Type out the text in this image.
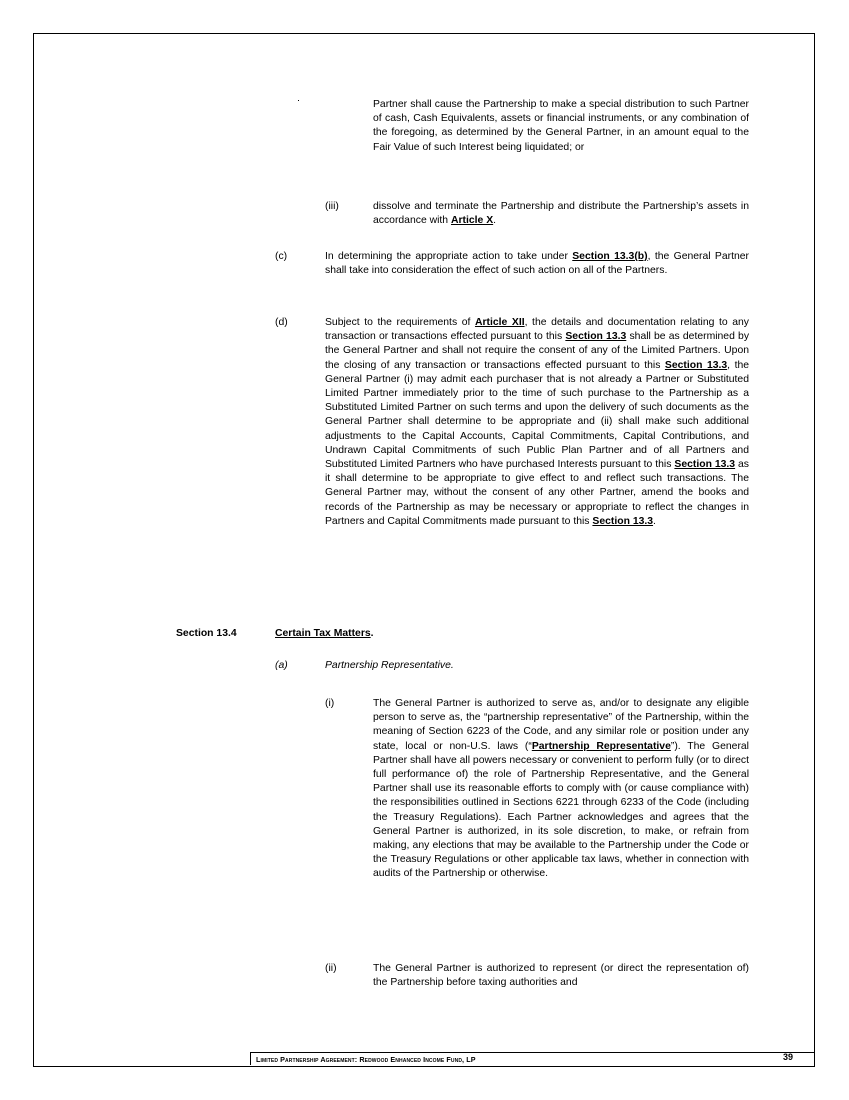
Partner shall cause the Partnership to make a special distribution to such Partner of cash, Cash Equivalents, assets or financial instruments, or any combination of the foregoing, as determined by the General Partner, in an amount equal to the Fair Value of such Interest being liquidated; or
(iii)	dissolve and terminate the Partnership and distribute the Partnership’s assets in accordance with Article X.
(c)	In determining the appropriate action to take under Section 13.3(b), the General Partner shall take into consideration the effect of such action on all of the Partners.
(d)	Subject to the requirements of Article XII, the details and documentation relating to any transaction or transactions effected pursuant to this Section 13.3 shall be as determined by the General Partner and shall not require the consent of any of the Limited Partners. Upon the closing of any transaction or transactions effected pursuant to this Section 13.3, the General Partner (i) may admit each purchaser that is not already a Partner or Substituted Limited Partner immediately prior to the time of such purchase to the Partnership as a Substituted Limited Partner on such terms and upon the delivery of such documents as the General Partner shall determine to be appropriate and (ii) shall make such additional adjustments to the Capital Accounts, Capital Commitments, Capital Contributions, and Undrawn Capital Commitments of such Public Plan Partner and of all Partners and Substituted Limited Partners who have purchased Interests pursuant to this Section 13.3 as it shall determine to be appropriate to give effect to and reflect such transactions. The General Partner may, without the consent of any other Partner, amend the books and records of the Partnership as may be necessary or appropriate to reflect the changes in Partners and Capital Commitments made pursuant to this Section 13.3.
Section 13.4	Certain Tax Matters.
(a)	Partnership Representative.
(i)	The General Partner is authorized to serve as, and/or to designate any eligible person to serve as, the “partnership representative” of the Partnership, within the meaning of Section 6223 of the Code, and any similar role or position under any state, local or non-U.S. laws (“Partnership Representative”). The General Partner shall have all powers necessary or convenient to perform fully (or to direct full performance of) the role of Partnership Representative, and the General Partner shall use its reasonable efforts to comply with (or cause compliance with) the responsibilities outlined in Sections 6221 through 6233 of the Code (including the Treasury Regulations). Each Partner acknowledges and agrees that the General Partner is authorized, in its sole discretion, to make, or refrain from making, any elections that may be available to the Partnership under the Code or the Treasury Regulations or other applicable tax laws, whether in connection with audits of the Partnership or otherwise.
(ii)	The General Partner is authorized to represent (or direct the representation of) the Partnership before taxing authorities and
Limited Partnership Agreement: Redwood Enhanced Income Fund, LP	39
